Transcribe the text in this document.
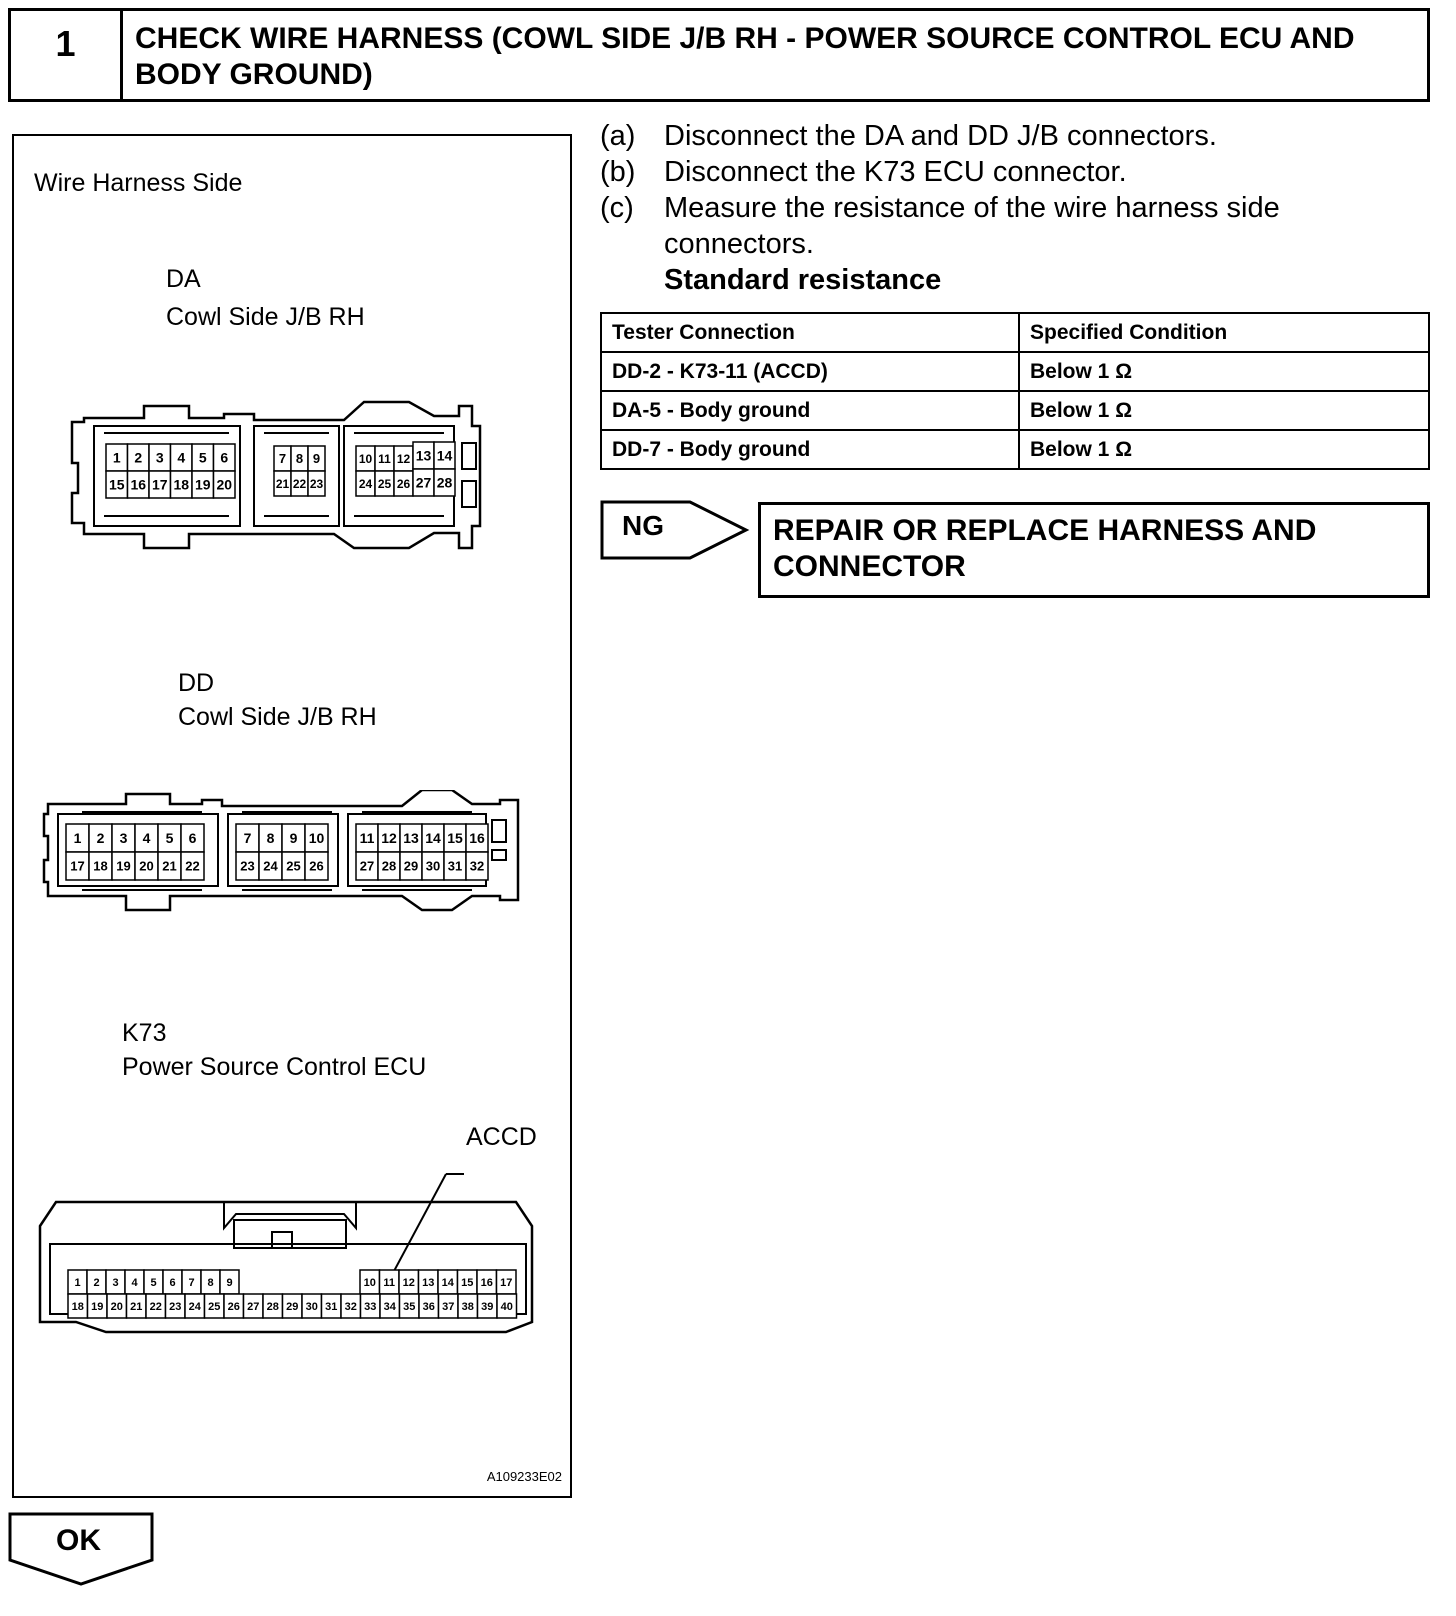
1	CHECK WIRE HARNESS (COWL SIDE J/B RH - POWER SOURCE CONTROL ECU AND BODY GROUND)
Wire Harness Side
DA
Cowl Side J/B RH
DD
Cowl Side J/B RH
K73
Power Source Control ECU
ACCD
1 2 3 4 5 6
15 16 17 18 19 20
7 8 9
21 22 23
10 11 12
24 25 26
13 14
27 28
1 2 3 4 5 6
17 18 19 20 21 22
7 8 9 10
23 24 25 26
11 12 13 14 15 16
27 28 29 30 31 32
1 2 3 4 5 6 7 8 9	10 11 12 13 14 15 16 17
18 19 20 21 22 23 24 25 26 27 28 29 30 31 32 33 34 35 36 37 38 39 40
A109233E02
(a) Disconnect the DA and DD J/B connectors.
(b) Disconnect the K73 ECU connector.
(c) Measure the resistance of the wire harness side
connectors.
Standard resistance
Tester Connection	Specified Condition
DD-2 - K73-11 (ACCD)	Below 1 Ω
DA-5 - Body ground	Below 1 Ω
DD-7 - Body ground	Below 1 Ω
NG	REPAIR OR REPLACE HARNESS AND CONNECTOR
OK
